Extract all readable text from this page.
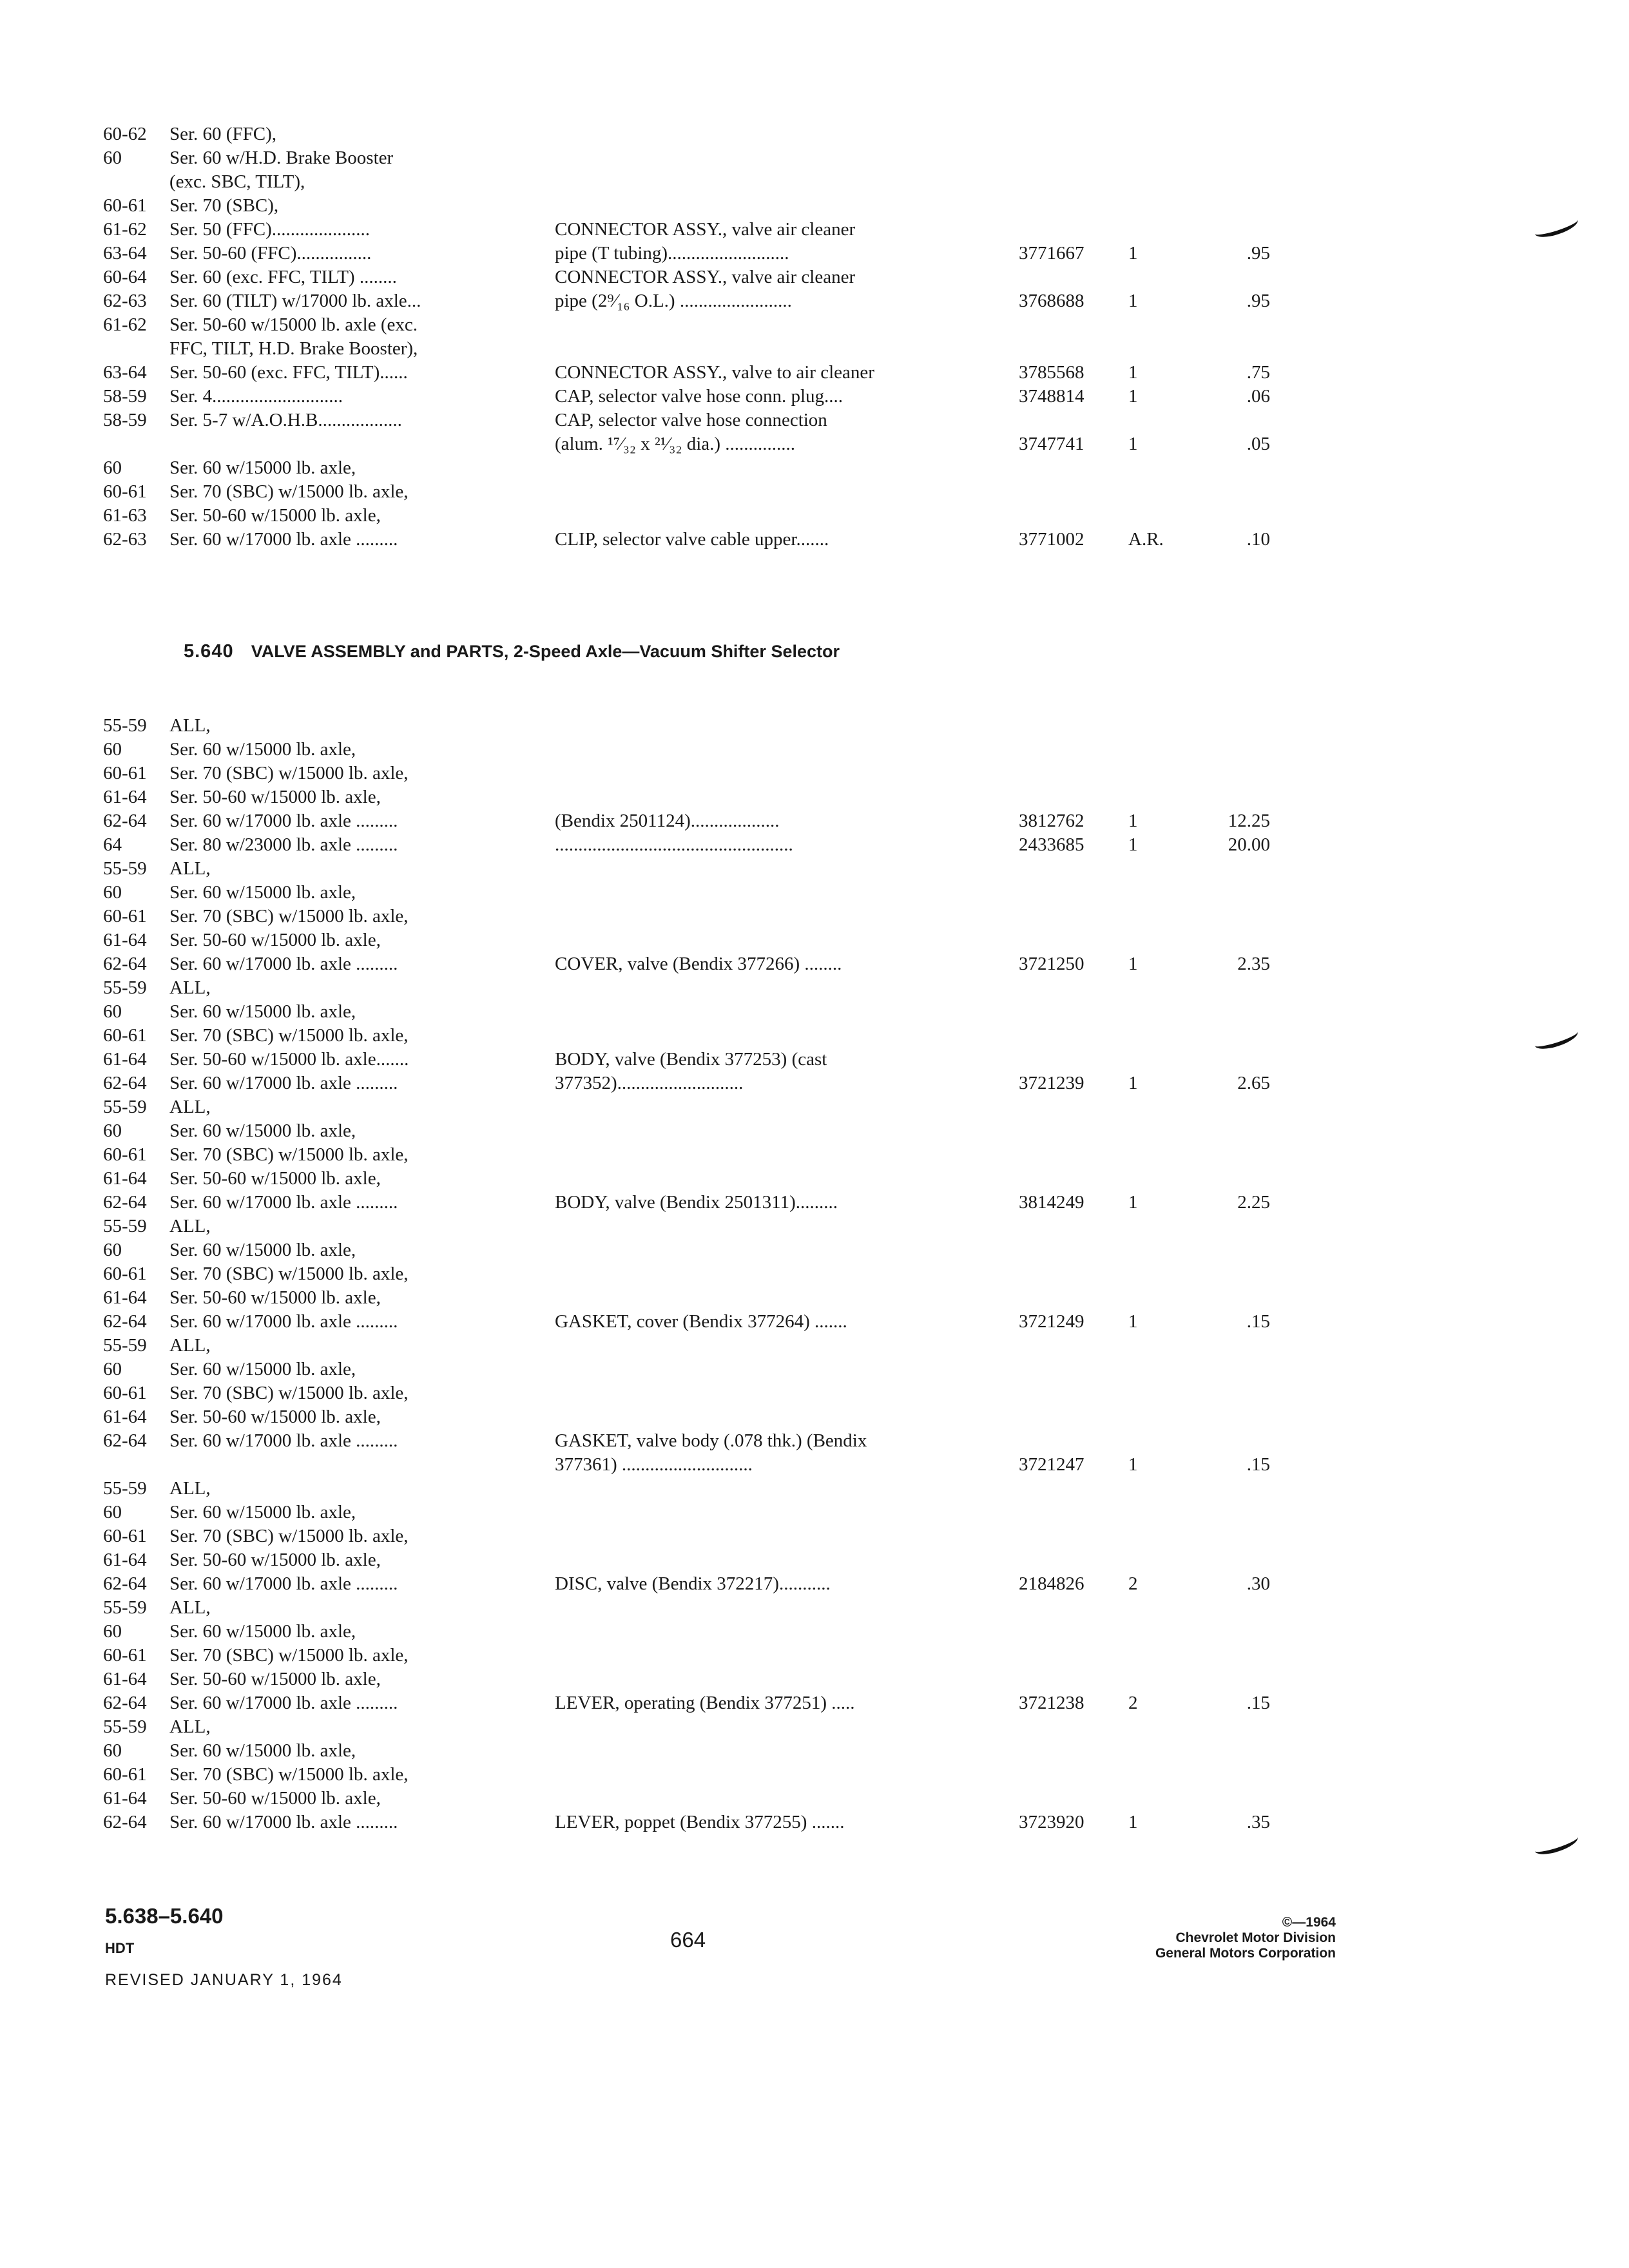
60-62	Ser. 60 (FFC),
60	Ser. 60 w/H.D. Brake Booster
(exc. SBC, TILT),
60-61	Ser. 70 (SBC),
61-62	Ser. 50 (FFC).....................	CONNECTOR ASSY., valve air cleaner
63-64	Ser. 50-60 (FFC)................	pipe (T tubing)..........................	3771667	1	.95
60-64	Ser. 60 (exc. FFC, TILT) ........	CONNECTOR ASSY., valve air cleaner
62-63	Ser. 60 (TILT) w/17000 lb. axle...	pipe (2⁹⁄₁₆ O.L.) ........................	3768688	1	.95
61-62	Ser. 50-60 w/15000 lb. axle (exc.
FFC, TILT, H.D. Brake Booster),
63-64	Ser. 50-60 (exc. FFC, TILT)......	CONNECTOR ASSY., valve to air cleaner	3785568	1	.75
58-59	Ser. 4............................	CAP, selector valve hose conn. plug....	3748814	1	.06
58-59	Ser. 5-7 w/A.O.H.B..................	CAP, selector valve hose connection
(alum. ¹⁷⁄₃₂ x ²¹⁄₃₂ dia.) ...............	3747741	1	.05
60	Ser. 60 w/15000 lb. axle,
60-61	Ser. 70 (SBC) w/15000 lb. axle,
61-63	Ser. 50-60 w/15000 lb. axle,
62-63	Ser. 60 w/17000 lb. axle .........	CLIP, selector valve cable upper.......	3771002	A.R.	.10
5.640 VALVE ASSEMBLY and PARTS, 2-Speed Axle—Vacuum Shifter Selector
55-59	ALL,
60	Ser. 60 w/15000 lb. axle,
60-61	Ser. 70 (SBC) w/15000 lb. axle,
61-64	Ser. 50-60 w/15000 lb. axle,
62-64	Ser. 60 w/17000 lb. axle .........	(Bendix 2501124)...................	3812762	1	12.25
64	Ser. 80 w/23000 lb. axle .........	...................................................	2433685	1	20.00
55-59	ALL,
60	Ser. 60 w/15000 lb. axle,
60-61	Ser. 70 (SBC) w/15000 lb. axle,
61-64	Ser. 50-60 w/15000 lb. axle,
62-64	Ser. 60 w/17000 lb. axle .........	COVER, valve (Bendix 377266) ........	3721250	1	2.35
55-59	ALL,
60	Ser. 60 w/15000 lb. axle,
60-61	Ser. 70 (SBC) w/15000 lb. axle,
61-64	Ser. 50-60 w/15000 lb. axle.......	BODY, valve (Bendix 377253) (cast
62-64	Ser. 60 w/17000 lb. axle .........	377352)...........................	3721239	1	2.65
55-59	ALL,
60	Ser. 60 w/15000 lb. axle,
60-61	Ser. 70 (SBC) w/15000 lb. axle,
61-64	Ser. 50-60 w/15000 lb. axle,
62-64	Ser. 60 w/17000 lb. axle .........	BODY, valve (Bendix 2501311).........	3814249	1	2.25
55-59	ALL,
60	Ser. 60 w/15000 lb. axle,
60-61	Ser. 70 (SBC) w/15000 lb. axle,
61-64	Ser. 50-60 w/15000 lb. axle,
62-64	Ser. 60 w/17000 lb. axle .........	GASKET, cover (Bendix 377264) .......	3721249	1	.15
55-59	ALL,
60	Ser. 60 w/15000 lb. axle,
60-61	Ser. 70 (SBC) w/15000 lb. axle,
61-64	Ser. 50-60 w/15000 lb. axle,
62-64	Ser. 60 w/17000 lb. axle .........	GASKET, valve body (.078 thk.) (Bendix
377361) ............................	3721247	1	.15
55-59	ALL,
60	Ser. 60 w/15000 lb. axle,
60-61	Ser. 70 (SBC) w/15000 lb. axle,
61-64	Ser. 50-60 w/15000 lb. axle,
62-64	Ser. 60 w/17000 lb. axle .........	DISC, valve (Bendix 372217)...........	2184826	2	.30
55-59	ALL,
60	Ser. 60 w/15000 lb. axle,
60-61	Ser. 70 (SBC) w/15000 lb. axle,
61-64	Ser. 50-60 w/15000 lb. axle,
62-64	Ser. 60 w/17000 lb. axle .........	LEVER, operating (Bendix 377251) .....	3721238	2	.15
55-59	ALL,
60	Ser. 60 w/15000 lb. axle,
60-61	Ser. 70 (SBC) w/15000 lb. axle,
61-64	Ser. 50-60 w/15000 lb. axle,
62-64	Ser. 60 w/17000 lb. axle .........	LEVER, poppet (Bendix 377255) .......	3723920	1	.35
5.638–5.640
HDT
REVISED JANUARY 1, 1964
664
©—1964
Chevrolet Motor Division
General Motors Corporation
